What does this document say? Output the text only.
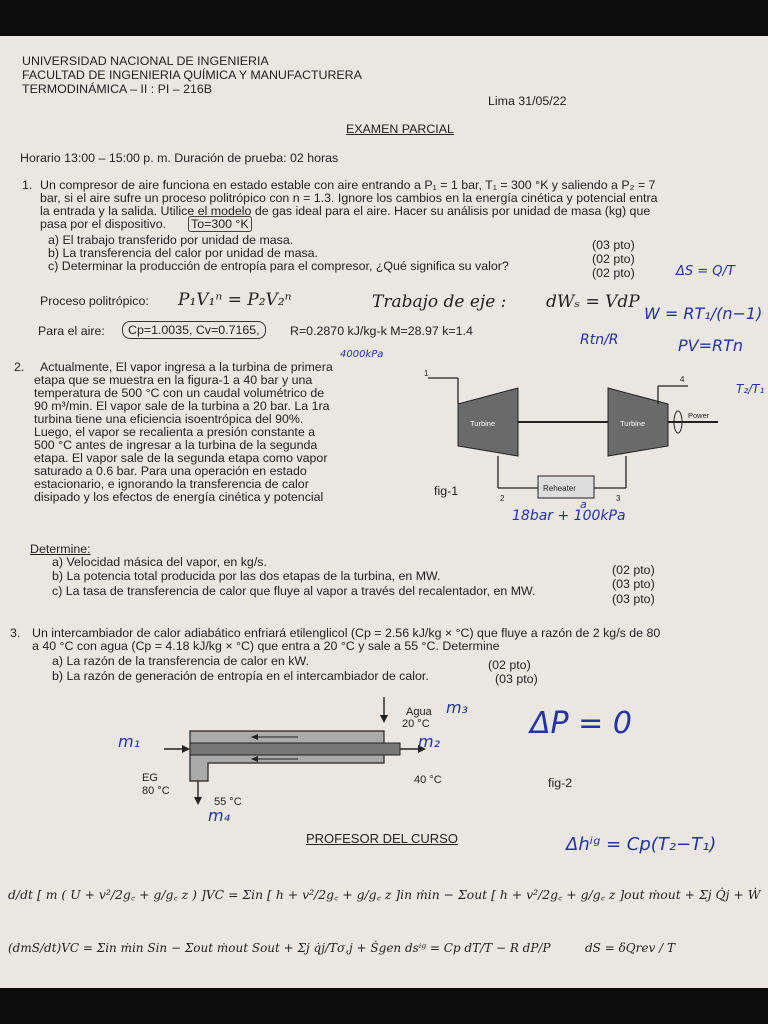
UNIVERSIDAD NACIONAL DE INGENIERIA
FACULTAD DE INGENIERIA QUÍMICA Y MANUFACTURERA
TERMODINÁMICA – II : PI – 216B
Lima 31/05/22
EXAMEN PARCIAL
Horario 13:00 – 15:00 p. m. Duración de prueba: 02 horas
1. Un compresor de aire funciona en estado estable con aire entrando a P₁ = 1 bar, T₁ = 300 °K y saliendo a P₂ = 7
bar, si el aire sufre un proceso politrópico con n = 1.3. Ignore los cambios en la energía cinética y potencial entra
la entrada y la salida. Utilice el modelo de gas ideal para el aire. Hacer su análisis por unidad de masa (kg) que
pasa por el dispositivo. To=300 °K
a) El trabajo transferido por unidad de masa.	(03 pto)
b) La transferencia del calor por unidad de masa.	(02 pto)
c) Determinar la producción de entropía para el compresor, ¿Qué significa su valor?	(02 pto)
Proceso politrópico: P₁V₁ⁿ = P₂V₂ⁿ	Trabajo de eje : dWₛ = VdP
Para el aire:	Cp=1.0035, Cv=0.7165,	R=0.2870 kJ/kg-k M=28.97 k=1.4
2. Actualmente, El vapor ingresa a la turbina de primera
etapa que se muestra en la figura-1 a 40 bar y una
temperatura de 500 °C con un caudal volumétrico de
90 m³/min. El vapor sale de la turbina a 20 bar. La 1ra
turbina tiene una eficiencia isoentrópica del 90%.
Luego, el vapor se recalienta a presión constante a
500 °C antes de ingresar a la turbina de la segunda
etapa. El vapor sale de la segunda etapa como vapor
saturado a 0.6 bar. Para una operación en estado
estacionario, e ignorando la transferencia de calor
disipado y los efectos de energía cinética y potencial
Turbine	Turbine
Reheater
Power
1
2	3
4
fig-1
Determine:
a) Velocidad másica del vapor, en kg/s.
(02 pto)
b) La potencia total producida por las dos etapas de la turbina, en MW.
(03 pto)
c) La tasa de transferencia de calor que fluye al vapor a través del recalentador, en MW.
(03 pto)
3. Un intercambiador de calor adiabático enfriará etilenglicol (Cp = 2.56 kJ/kg × °C) que fluye a razón de 2 kg/s de 80
a 40 °C con agua (Cp = 4.18 kJ/kg × °C) que entra a 20 °C y sale a 55 °C. Determine
a) La razón de la transferencia de calor en kW.	(02 pto)
b) La razón de generación de entropía en el intercambiador de calor.	(03 pto)
Agua
20 °C
EG
80 °C
40 °C
55 °C
fig-2
PROFESOR DEL CURSO
d/dt [ m ( U + v²/2g꜀ + g/g꜀ z ) ]VC = Σin [ h + v²/2g꜀ + g/g꜀ z ]in ṁin − Σout [ h + v²/2g꜀ + g/g꜀ z ]out ṁout + Σj Q̇j + Ẇ
(dmS/dt)VC = Σin ṁin Sin − Σout ṁout Sout + Σj q̇j/Tσ,j + Ṡgen dsⁱᵍ = Cp dT/T − R dP/P	dS = δQrev / T
ΔS = Q/T
W = RT₁/(n−1)
Rtn/R	PV=RTn
T₂/T₁
4000kPa
18bar + 100kPa
a
m₃
m₁	m₂
m₄
ΔP = 0
Δhⁱᵍ = Cp(T₂−T₁)
